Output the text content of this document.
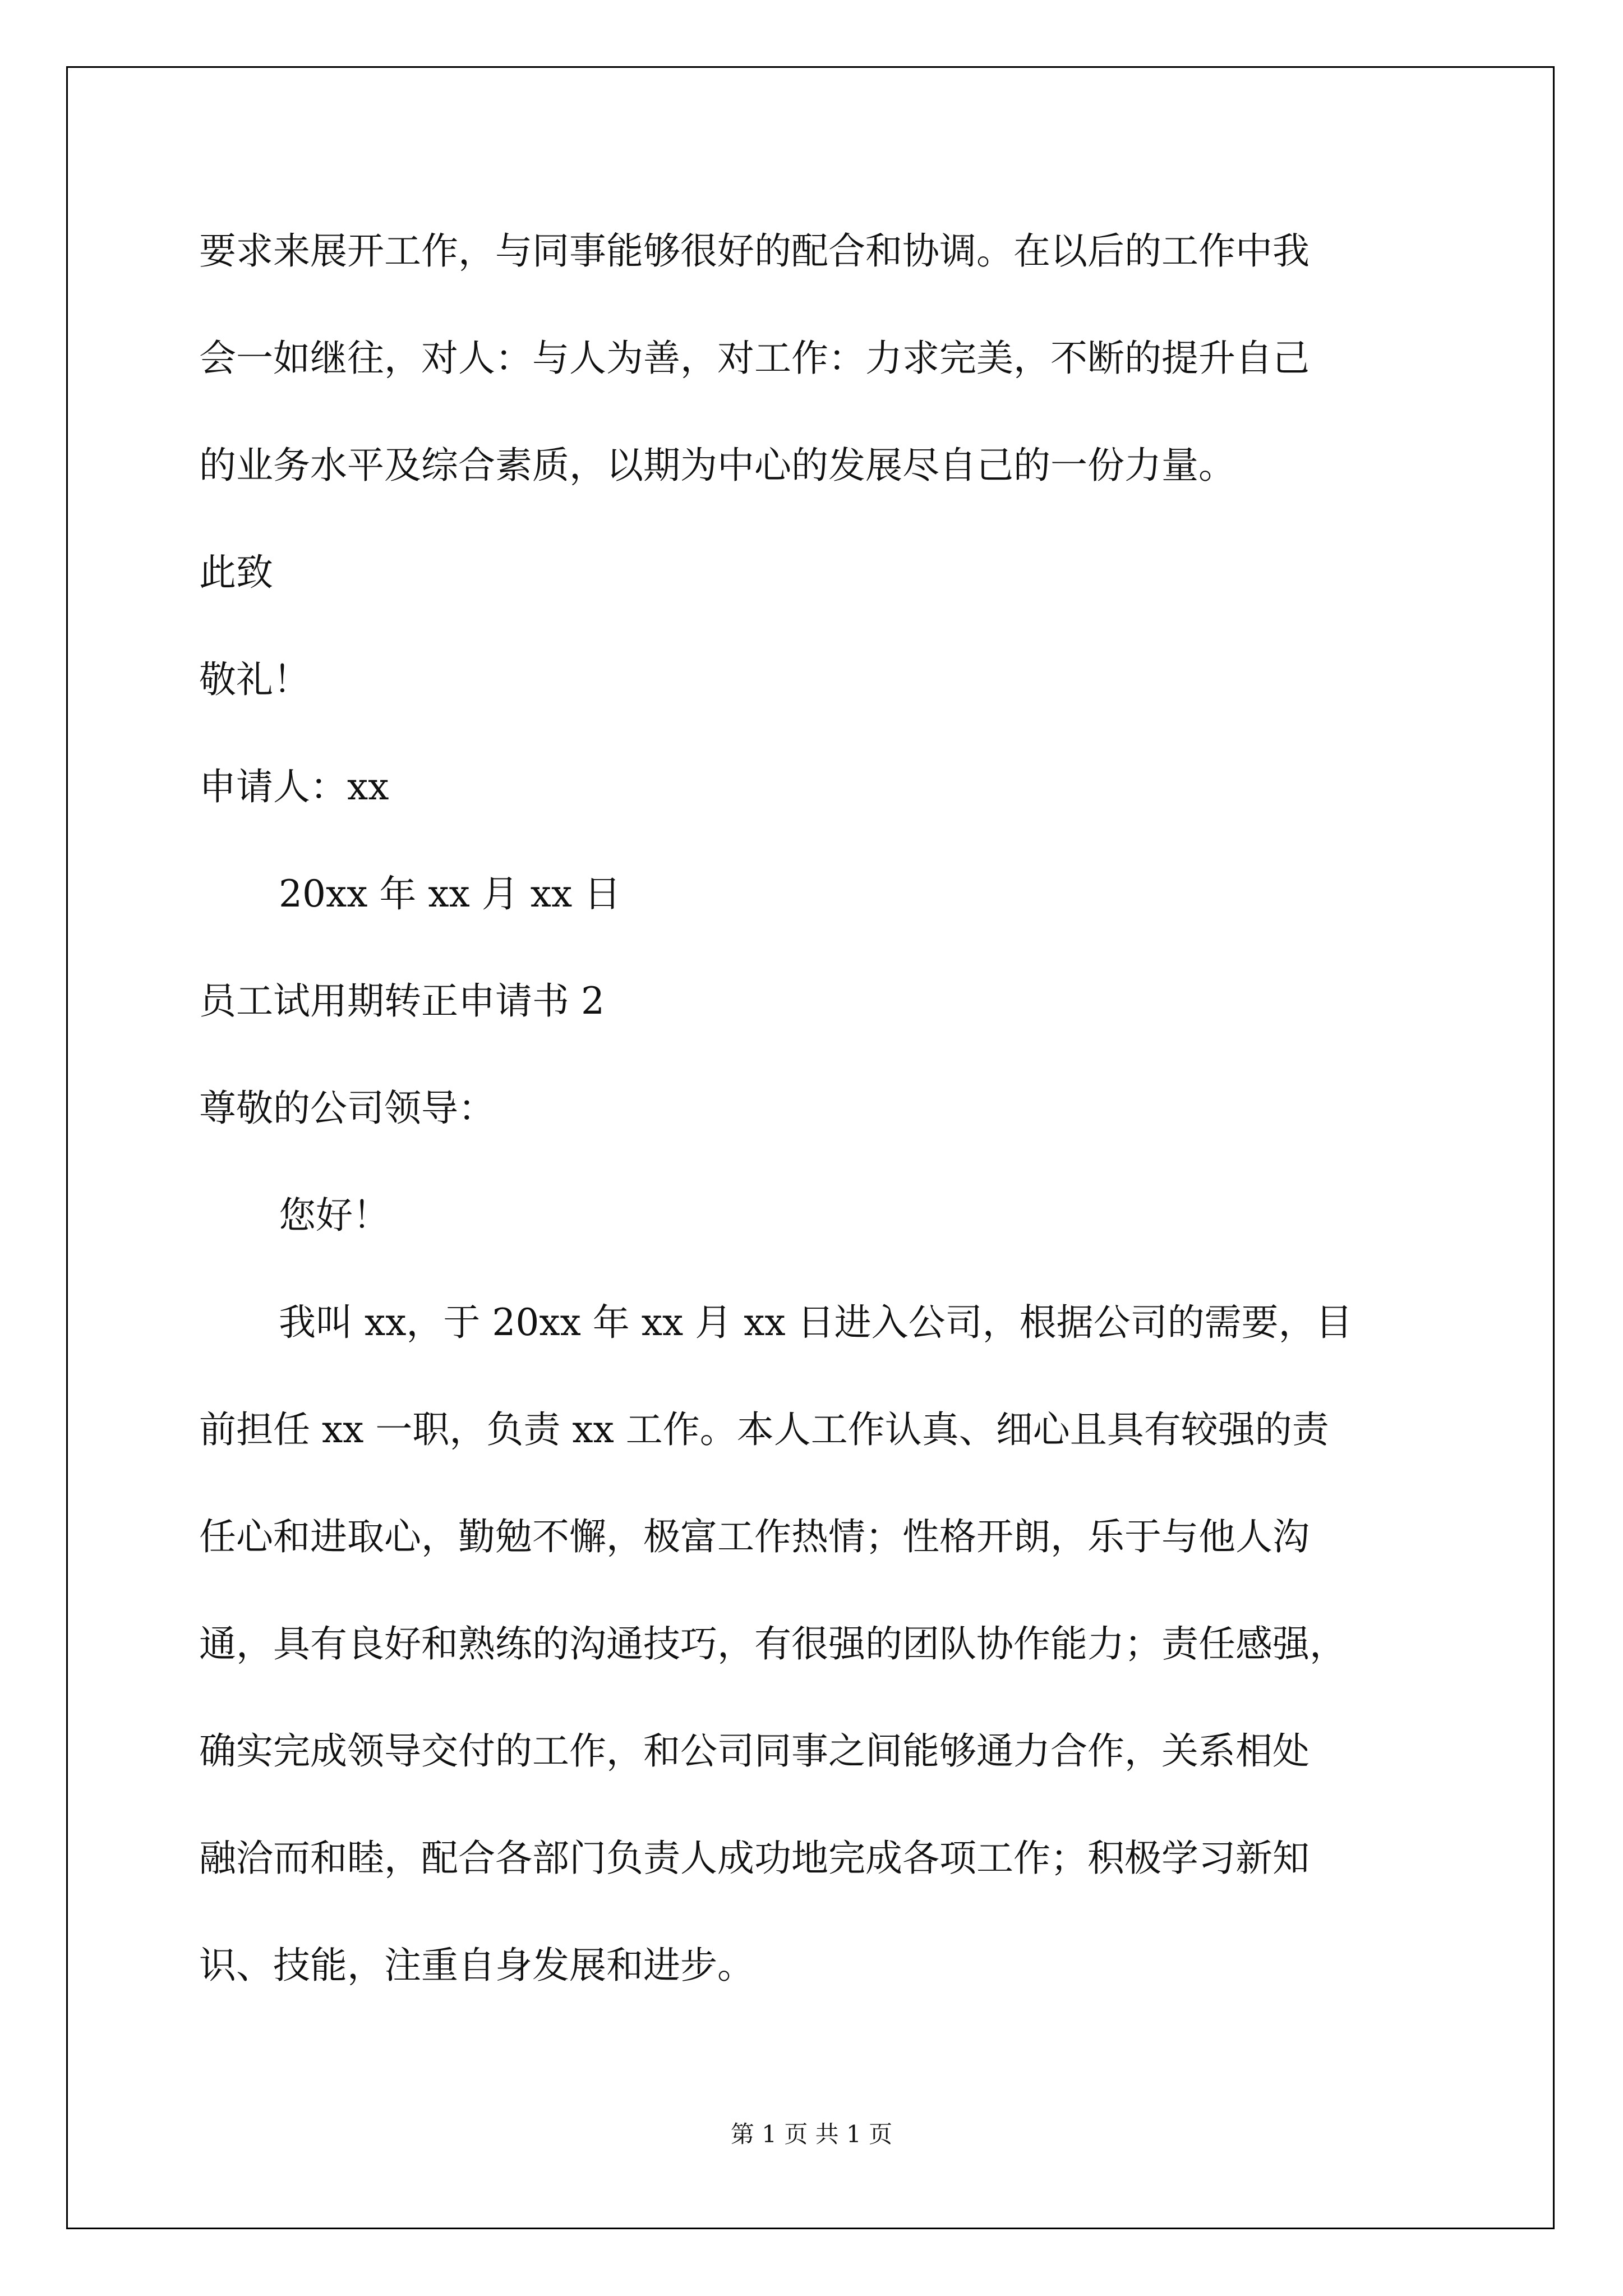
要求来展开工作，与同事能够很好的配合和协调。在以后的工作中我

会一如继往，对人：与人为善，对工作：力求完美，不断的提升自己

的业务水平及综合素质，以期为中心的发展尽自己的一份力量。

此致

敬礼！

申请人：xx

20xx 年 xx 月 xx 日

员工试用期转正申请书 2

尊敬的公司领导：

您好！

我叫 xx，于 20xx 年 xx 月 xx 日进入公司，根据公司的需要，目

前担任 xx 一职，负责 xx 工作。本人工作认真、细心且具有较强的责

任心和进取心，勤勉不懈，极富工作热情；性格开朗，乐于与他人沟

通，具有良好和熟练的沟通技巧，有很强的团队协作能力；责任感强，

确实完成领导交付的工作，和公司同事之间能够通力合作，关系相处

融洽而和睦，配合各部门负责人成功地完成各项工作；积极学习新知

识、技能，注重自身发展和进步。

第 1 页 共 1 页
